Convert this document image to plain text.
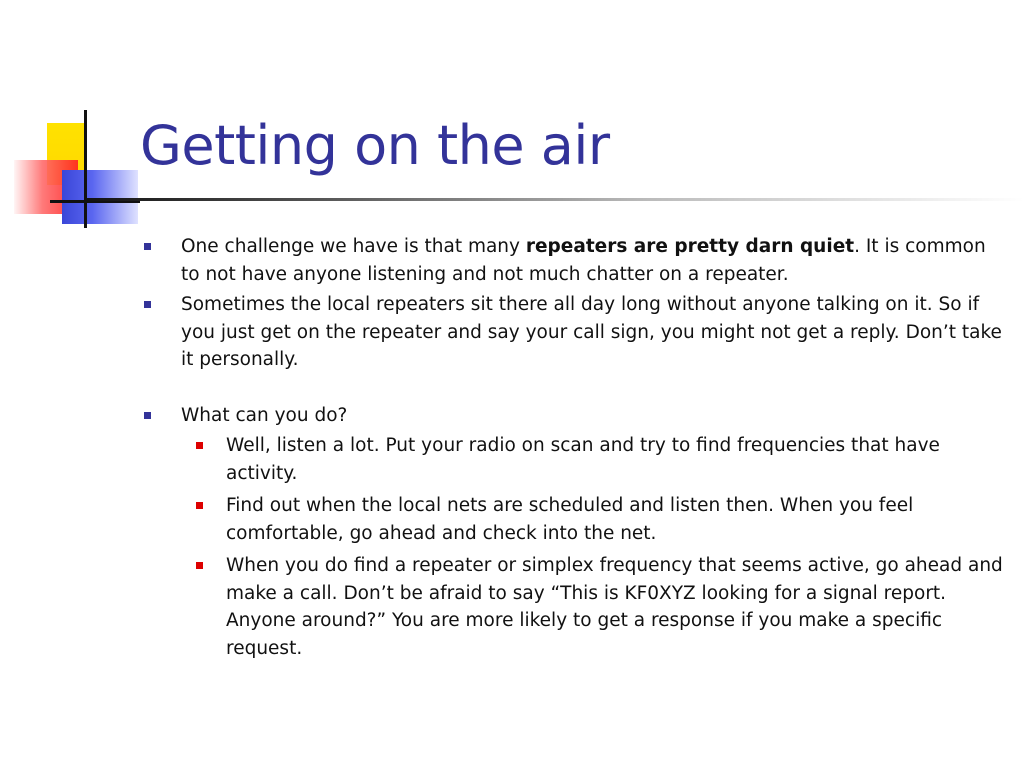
Getting on the air
One challenge we have is that many repeaters are pretty darn quiet. It is common to not have anyone listening and not much chatter on a repeater.
Sometimes the local repeaters sit there all day long without anyone talking on it. So if you just get on the repeater and say your call sign, you might not get a reply. Don’t take it personally.
What can you do?
Well, listen a lot. Put your radio on scan and try to find frequencies that have activity.
Find out when the local nets are scheduled and listen then. When you feel comfortable, go ahead and check into the net.
When you do find a repeater or simplex frequency that seems active, go ahead and make a call. Don’t be afraid to say “This is KF0XYZ looking for a signal report. Anyone around?” You are more likely to get a response if you make a specific request.
